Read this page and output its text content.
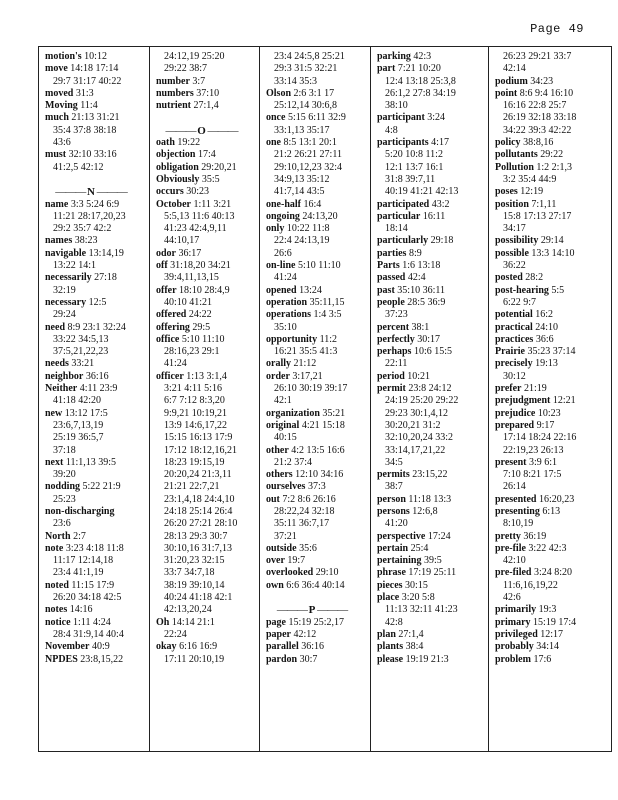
Page 49
motion's 10:12
move 14:18 17:14
29:7 31:17 40:22
moved 31:3
Moving 11:4
much 21:13 31:21
35:4 37:8 38:18
43:6
must 32:10 33:16
41:2,5 42:12
——— N ———
name 3:3 5:24 6:9
11:21 28:17,20,23
29:2 35:7 42:2
names 38:23
navigable 13:14,19
13:22 14:1
necessarily 27:18
32:19
necessary 12:5
29:24
need 8:9 23:1 32:24
33:22 34:5,13
37:5,21,22,23
needs 33:21
neighbor 36:16
Neither 4:11 23:9
41:18 42:20
new 13:12 17:5
23:6,7,13,19
25:19 36:5,7
37:18
next 11:1,13 39:5
39:20
nodding 5:22 21:9
25:23
non-discharging
23:6
North 2:7
note 3:23 4:18 11:8
11:17 12:14,18
23:4 41:1,19
noted 11:15 17:9
26:20 34:18 42:5
notes 14:16
notice 1:11 4:24
28:4 31:9,14 40:4
November 40:9
NPDES 23:8,15,22
24:12,19 25:20
29:22 38:7
number 3:7
numbers 37:10
nutrient 27:1,4
——— O ———
oath 19:22
objection 17:4
obligation 29:20,21
Obviously 35:5
occurs 30:23
October 1:11 3:21
5:5,13 11:6 40:13
41:23 42:4,9,11
44:10,17
odor 36:17
off 31:18,20 34:21
39:4,11,13,15
offer 18:10 28:4,9
40:10 41:21
offered 24:22
offering 29:5
office 5:10 11:10
28:16,23 29:1
41:24
officer 1:13 3:1,4
3:21 4:11 5:16
6:7 7:12 8:3,20
9:9,21 10:19,21
13:9 14:6,17,22
15:15 16:13 17:9
17:12 18:12,16,21
18:23 19:15,19
20:20,24 21:3,11
21:21 22:7,21
23:1,4,18 24:4,10
24:18 25:14 26:4
26:20 27:21 28:10
28:13 29:3 30:7
30:10,16 31:7,13
31:20,23 32:15
33:7 34:7,18
38:19 39:10,14
40:24 41:18 42:1
42:13,20,24
Oh 14:14 21:1
22:24
okay 6:16 16:9
17:11 20:10,19
23:4 24:5,8 25:21
29:3 31:5 32:21
33:14 35:3
Olson 2:6 3:1 17
25:12,14 30:6,8
once 5:15 6:11 32:9
33:1,13 35:17
one 8:5 13:1 20:1
21:2 26:21 27:11
29:10,12,23 32:4
34:9,13 35:12
41:7,14 43:5
one-half 16:4
ongoing 24:13,20
only 10:22 11:8
22:4 24:13,19
26:6
on-line 5:10 11:10
41:24
opened 13:24
operation 35:11,15
operations 1:4 3:5
35:10
opportunity 11:2
16:21 35:5 41:3
orally 21:12
order 3:17,21
26:10 30:19 39:17
42:1
organization 35:21
original 4:21 15:18
40:15
other 4:2 13:5 16:6
21:2 37:4
others 12:10 34:16
ourselves 37:3
out 7:2 8:6 26:16
28:22,24 32:18
35:11 36:7,17
37:21
outside 35:6
over 19:7
overlooked 29:10
own 6:6 36:4 40:14
——— P ———
page 15:19 25:2,17
paper 42:12
parallel 36:16
pardon 30:7
parking 42:3
part 7:21 10:20
12:4 13:18 25:3,8
26:1,2 27:8 34:19
38:10
participant 3:24
4:8
participants 4:17
5:20 10:8 11:2
12:1 13:7 16:1
31:8 39:7,11
40:19 41:21 42:13
participated 43:2
particular 16:11
18:14
particularly 29:18
parties 8:9
Parts 1:6 13:18
passed 42:4
past 35:10 36:11
people 28:5 36:9
37:23
percent 38:1
perfectly 30:17
perhaps 10:6 15:5
22:11
period 10:21
permit 23:8 24:12
24:19 25:20 29:22
29:23 30:1,4,12
30:20,21 31:2
32:10,20,24 33:2
33:14,17,21,22
34:5
permits 23:15,22
38:7
person 11:18 13:3
persons 12:6,8
41:20
perspective 17:24
pertain 25:4
pertaining 39:5
phrase 17:19 25:11
pieces 30:15
place 3:20 5:8
11:13 32:11 41:23
42:8
plan 27:1,4
plants 38:4
please 19:19 21:3
26:23 29:21 33:7
42:14
podium 34:23
point 8:6 9:4 16:10
16:16 22:8 25:7
26:19 32:18 33:18
34:22 39:3 42:22
policy 38:8,16
pollutants 29:22
Pollution 1:2 2:1,3
3:2 35:4 44:9
poses 12:19
position 7:1,11
15:8 17:13 27:17
34:17
possibility 29:14
possible 13:3 14:10
36:22
posted 28:2
post-hearing 5:5
6:22 9:7
potential 16:2
practical 24:10
practices 36:6
Prairie 35:23 37:14
precisely 19:13
30:12
prefer 21:19
prejudgment 12:21
prejudice 10:23
prepared 9:17
17:14 18:24 22:16
22:19,23 26:13
present 3:9 6:1
7:10 8:21 17:5
26:14
presented 16:20,23
presenting 6:13
8:10,19
pretty 36:19
pre-file 3:22 42:3
42:10
pre-filed 3:24 8:20
11:6,16,19,22
42:6
primarily 19:3
primary 15:19 17:4
privileged 12:17
probably 34:14
problem 17:6
